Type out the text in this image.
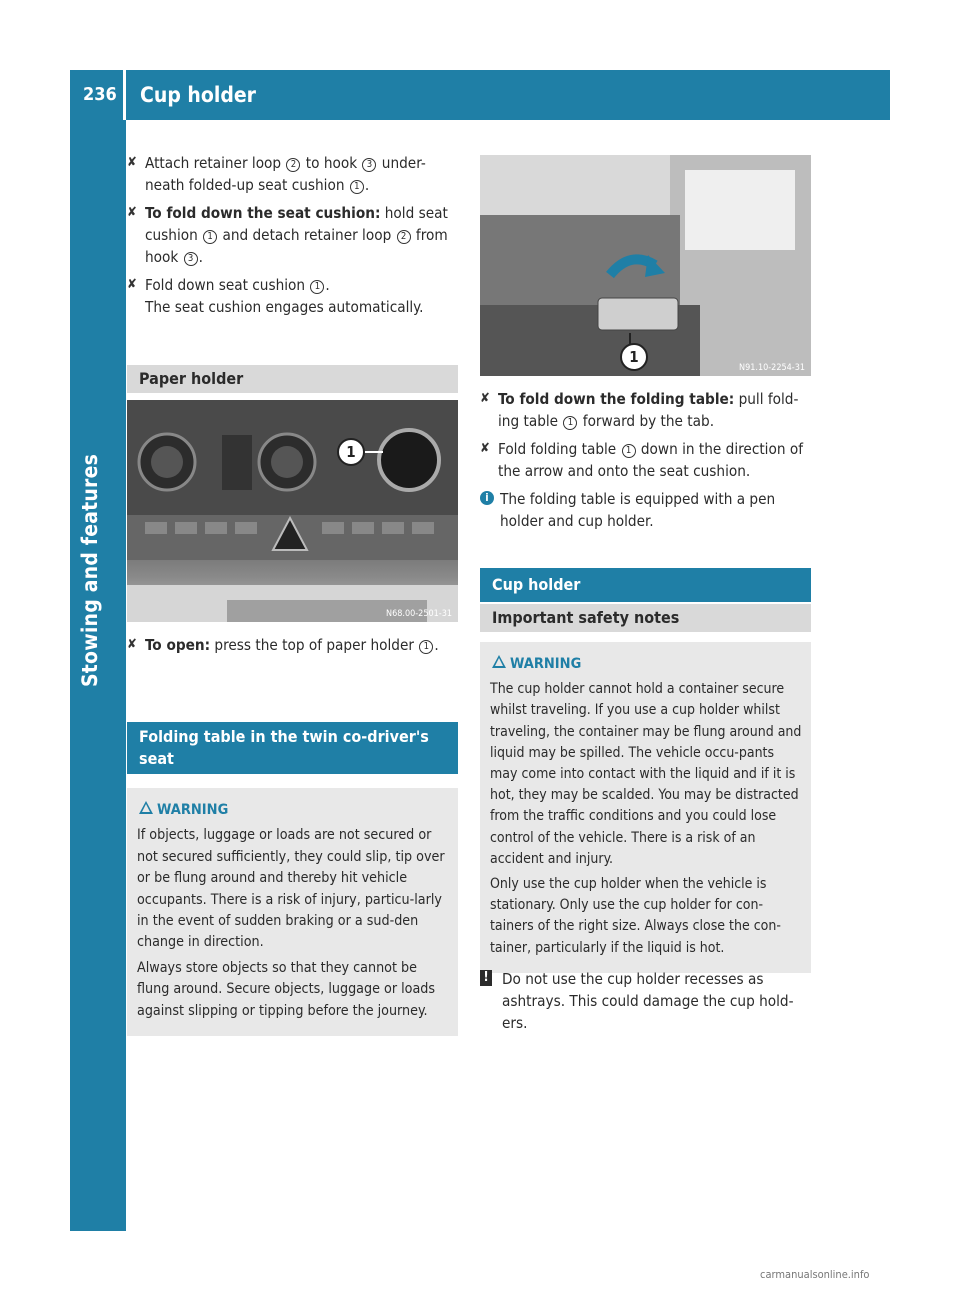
236	Cup holder
Stowing and features
✘ Attach retainer loop 2 to hook 3 under-neath folded-up seat cushion 1 .
✘ To fold down the seat cushion: hold seat cushion 1 and detach retainer loop 2 from hook 3 .
✘ Fold down seat cushion 1 .
The seat cushion engages automatically.
Paper holder
1
N68.00-2501-31
✘ To open: press the top of paper holder 1 .
Folding table in the twin co-driver's seat
WARNING

If objects, luggage or loads are not secured or not secured sufficiently, they could slip, tip over or be flung around and thereby hit vehicle occupants. There is a risk of injury, particu-larly in the event of sudden braking or a sud-den change in direction.

Always store objects so that they cannot be flung around. Secure objects, luggage or loads against slipping or tipping before the journey.

1
N91.10-2254-31
✘ To fold down the folding table: pull fold-ing table 1 forward by the tab.
✘ Fold folding table 1 down in the direction of the arrow and onto the seat cushion.
i The folding table is equipped with a pen holder and cup holder.
Cup holder
Important safety notes
WARNING

The cup holder cannot hold a container secure whilst traveling. If you use a cup holder whilst traveling, the container may be flung around and liquid may be spilled. The vehicle occu-pants may come into contact with the liquid and if it is hot, they may be scalded. You may be distracted from the traffic conditions and you could lose control of the vehicle. There is a risk of an accident and injury.

Only use the cup holder when the vehicle is stationary. Only use the cup holder for con-tainers of the right size. Always close the con-tainer, particularly if the liquid is hot.

! Do not use the cup holder recesses as ashtrays. This could damage the cup hold-ers.
carmanualsonline.info
